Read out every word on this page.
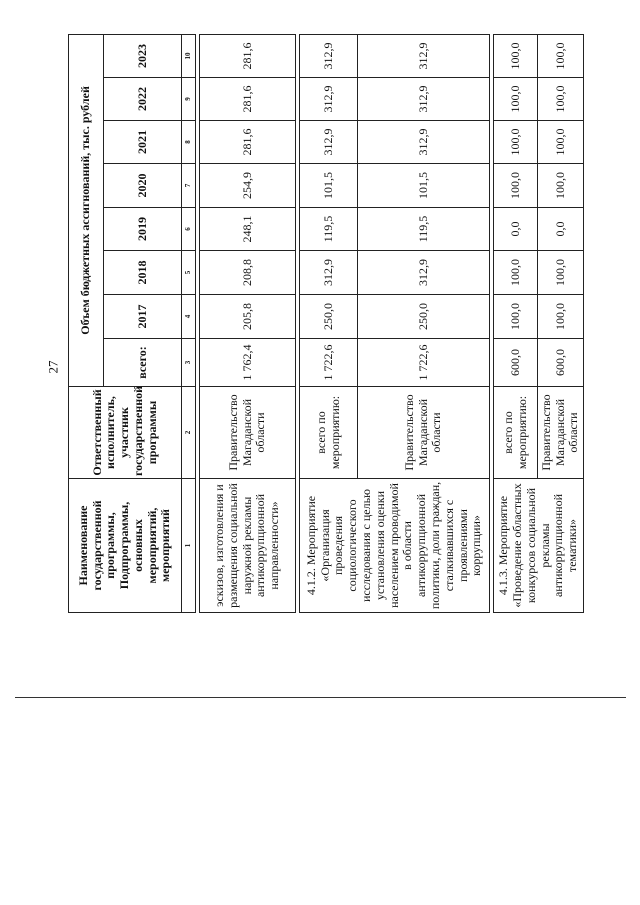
27
Наименование государственной программы, Подпрограммы, основных мероприятий, мероприятий	Ответственный исполнитель, участник государственной программы	Объем бюджетных ассигнований, тыс. рублей							
		всего:	2017	2018	2019	2020	2021	2022	2023
1	2	3	4	5	6	7	8	9	10

эскизов, изготовления и размещения социальной наружной рекламы антикоррупционной направленности»	Правительство Магаданской области	1 762,4	205,8	208,8	248,1	254,9	281,6	281,6	281,6

4.1.2. Мероприятие «Организация проведения социологического исследования с целью установления оценки населением проводимой в области антикоррупционной политики, доли граждан, сталкивавшихся с проявлениями коррупции»	всего по мероприятию:	1 722,6	250,0	312,9	119,5	101,5	312,9	312,9	312,9
	Правительство Магаданской области	1 722,6	250,0	312,9	119,5	101,5	312,9	312,9	312,9

4.1.3. Мероприятие «Проведение областных конкурсов социальной рекламы антикоррупционной тематики»	всего по мероприятию:	600,0	100,0	100,0	0,0	100,0	100,0	100,0	100,0
	Правительство Магаданской области	600,0	100,0	100,0	0,0	100,0	100,0	100,0	100,0
